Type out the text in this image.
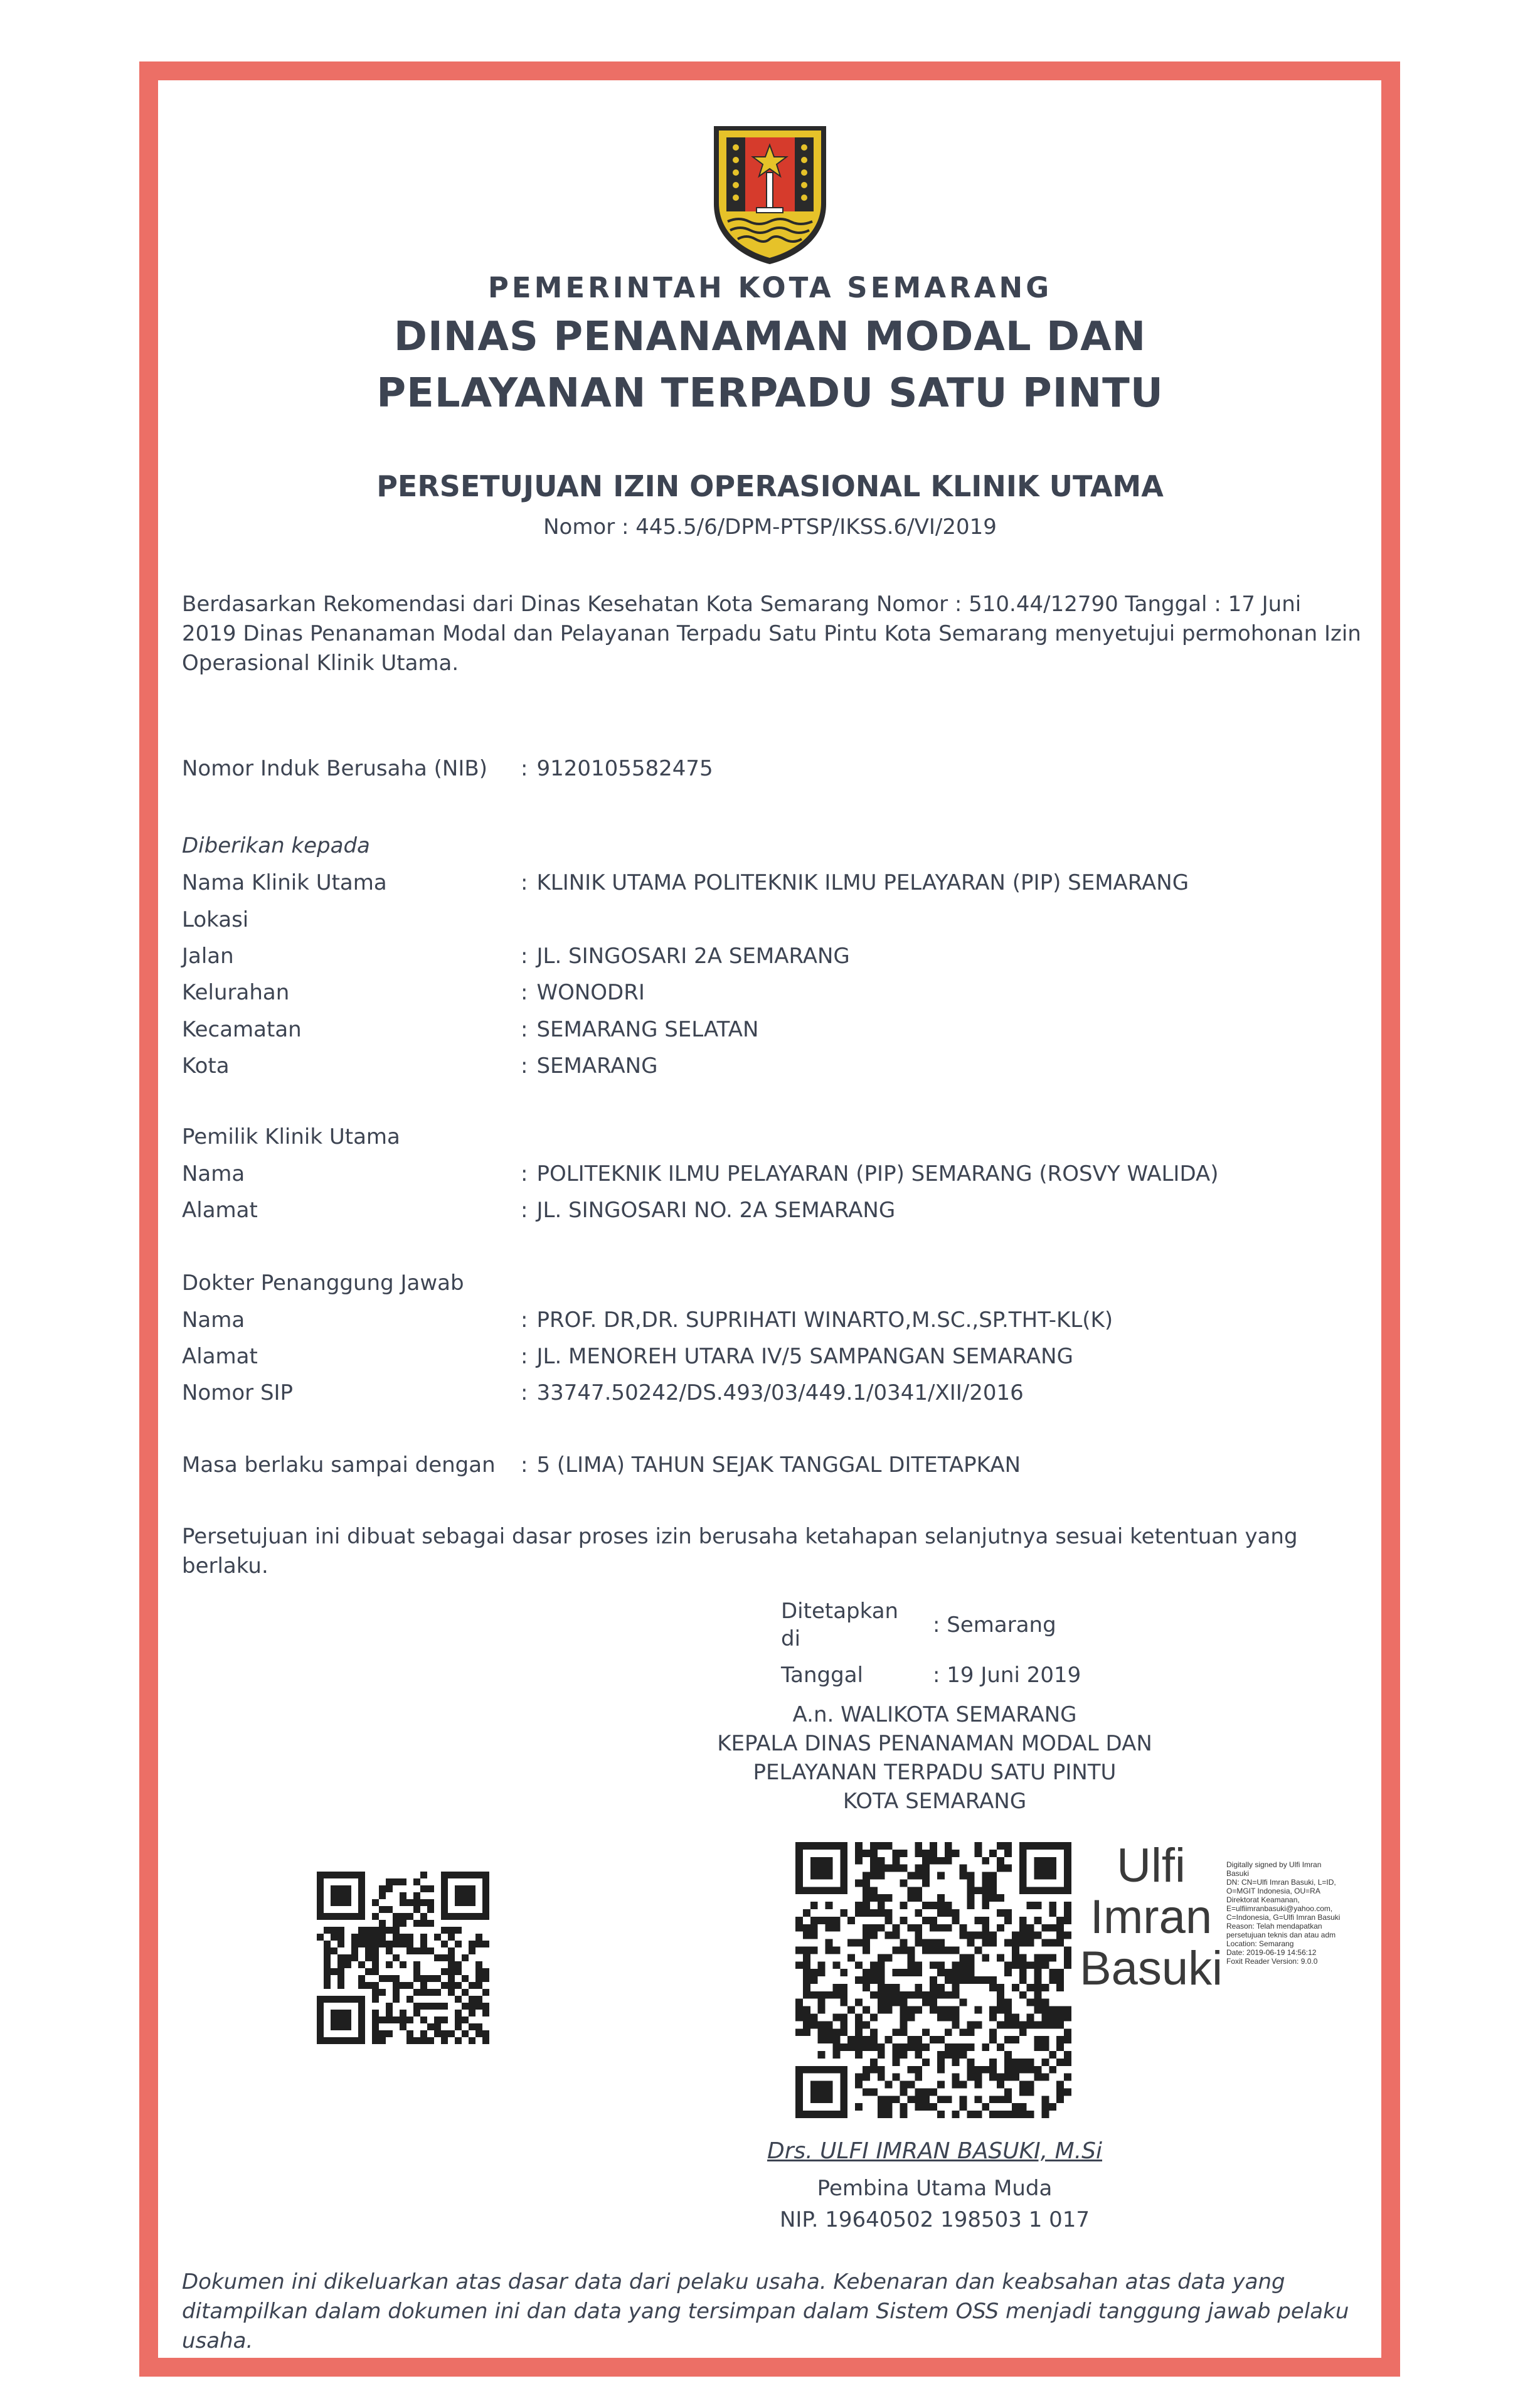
PEMERINTAH KOTA SEMARANG
DINAS PENANAMAN MODAL DAN
PELAYANAN TERPADU SATU PINTU
PERSETUJUAN IZIN OPERASIONAL KLINIK UTAMA
Nomor : 445.5/6/DPM-PTSP/IKSS.6/VI/2019
Berdasarkan Rekomendasi dari Dinas Kesehatan Kota Semarang Nomor : 510.44/12790 Tanggal : 17 Juni 2019 Dinas Penanaman Modal dan Pelayanan Terpadu Satu Pintu Kota Semarang menyetujui permohonan Izin Operasional Klinik Utama.
Nomor Induk Berusaha (NIB) : 9120105582475
Diberikan kepada
Nama Klinik Utama	: KLINIK UTAMA POLITEKNIK ILMU PELAYARAN (PIP) SEMARANG
Lokasi
Jalan	: JL. SINGOSARI 2A SEMARANG
Kelurahan	: WONODRI
Kecamatan	: SEMARANG SELATAN
Kota	: SEMARANG
Pemilik Klinik Utama
Nama	: POLITEKNIK ILMU PELAYARAN (PIP) SEMARANG (ROSVY WALIDA)
Alamat	: JL. SINGOSARI NO. 2A SEMARANG
Dokter Penanggung Jawab
Nama	: PROF. DR,DR. SUPRIHATI WINARTO,M.SC.,SP.THT-KL(K)
Alamat	: JL. MENOREH UTARA IV/5 SAMPANGAN SEMARANG
Nomor SIP	: 33747.50242/DS.493/03/449.1/0341/XII/2016
Masa berlaku sampai dengan : 5 (LIMA) TAHUN SEJAK TANGGAL DITETAPKAN
Persetujuan ini dibuat sebagai dasar proses izin berusaha ketahapan selanjutnya sesuai ketentuan yang berlaku.
Ditetapkan
di
: Semarang
Tanggal	: 19 Juni 2019
A.n. WALIKOTA SEMARANG
KEPALA DINAS PENANAMAN MODAL DAN
PELAYANAN TERPADU SATU PINTU
KOTA SEMARANG
Ulfi
Imran
Basuki
Digitally signed by Ulfi Imran
Basuki
DN: CN=Ulfi Imran Basuki, L=ID,
O=MGIT Indonesia, OU=RA
Direktorat Keamanan,
E=ulfiimranbasuki@yahoo.com,
C=Indonesia, G=Ulfi Imran Basuki
Reason: Telah mendapatkan
persetujuan teknis dan atau adm
Location: Semarang
Date: 2019-06-19 14:56:12
Foxit Reader Version: 9.0.0
Drs. ULFI IMRAN BASUKI, M.Si
Pembina Utama Muda
NIP. 19640502 198503 1 017
Dokumen ini dikeluarkan atas dasar data dari pelaku usaha. Kebenaran dan keabsahan atas data yang ditampilkan dalam dokumen ini dan data yang tersimpan dalam Sistem OSS menjadi tanggung jawab pelaku usaha.
